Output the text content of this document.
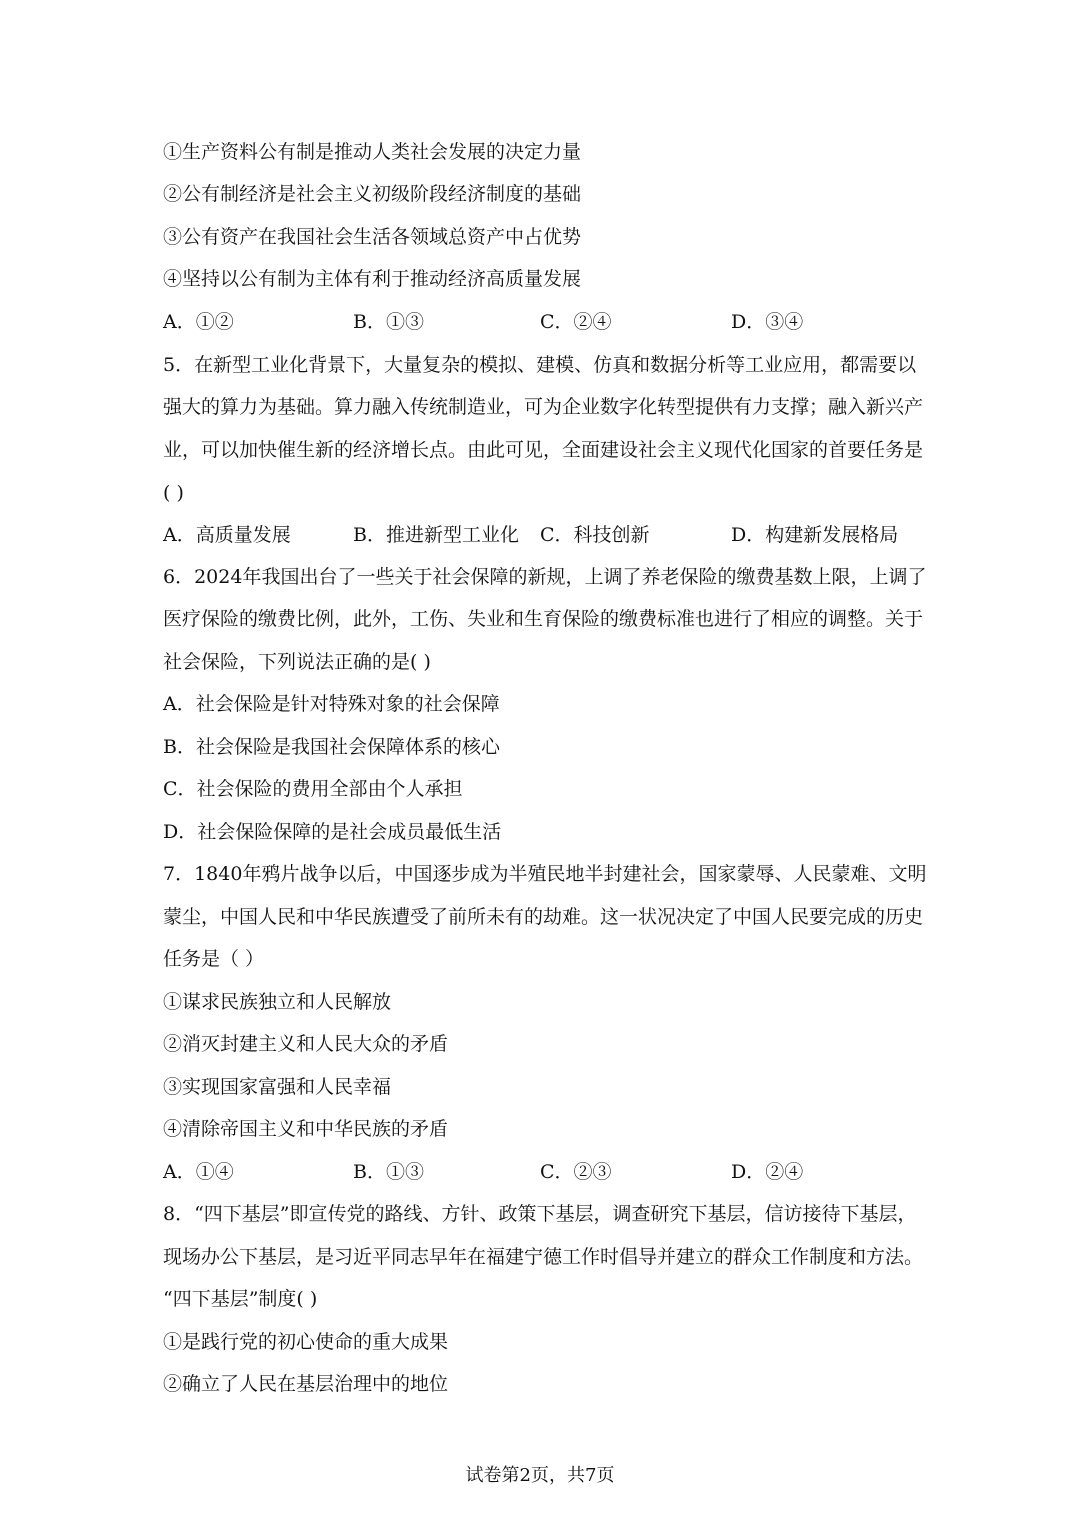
①生产资料公有制是推动人类社会发展的决定力量
②公有制经济是社会主义初级阶段经济制度的基础
③公有资产在我国社会生活各领域总资产中占优势
④坚持以公有制为主体有利于推动经济高质量发展
A．①②	B．①③	C．②④	D．③④
5．在新型工业化背景下，大量复杂的模拟、建模、仿真和数据分析等工业应用，都需要以
强大的算力为基础。算力融入传统制造业，可为企业数字化转型提供有力支撑；融入新兴产
业，可以加快催生新的经济增长点。由此可见，全面建设社会主义现代化国家的首要任务是
( )
A．高质量发展	B．推进新型工业化 C．科技创新	D．构建新发展格局
6．2024年我国出台了一些关于社会保障的新规，上调了养老保险的缴费基数上限，上调了
医疗保险的缴费比例，此外，工伤、失业和生育保险的缴费标准也进行了相应的调整。关于
社会保险，下列说法正确的是( )
A．社会保险是针对特殊对象的社会保障
B．社会保险是我国社会保障体系的核心
C．社会保险的费用全部由个人承担
D．社会保险保障的是社会成员最低生活
7．1840年鸦片战争以后，中国逐步成为半殖民地半封建社会，国家蒙辱、人民蒙难、文明
蒙尘，中国人民和中华民族遭受了前所未有的劫难。这一状况决定了中国人民要完成的历史
任务是（ ）
①谋求民族独立和人民解放
②消灭封建主义和人民大众的矛盾
③实现国家富强和人民幸福
④清除帝国主义和中华民族的矛盾
A．①④	B．①③	C．②③	D．②④
8．“四下基层”即宣传党的路线、方针、政策下基层，调查研究下基层，信访接待下基层，
现场办公下基层，是习近平同志早年在福建宁德工作时倡导并建立的群众工作制度和方法。
“四下基层”制度( )
①是践行党的初心使命的重大成果
②确立了人民在基层治理中的地位
试卷第2页，共7页
